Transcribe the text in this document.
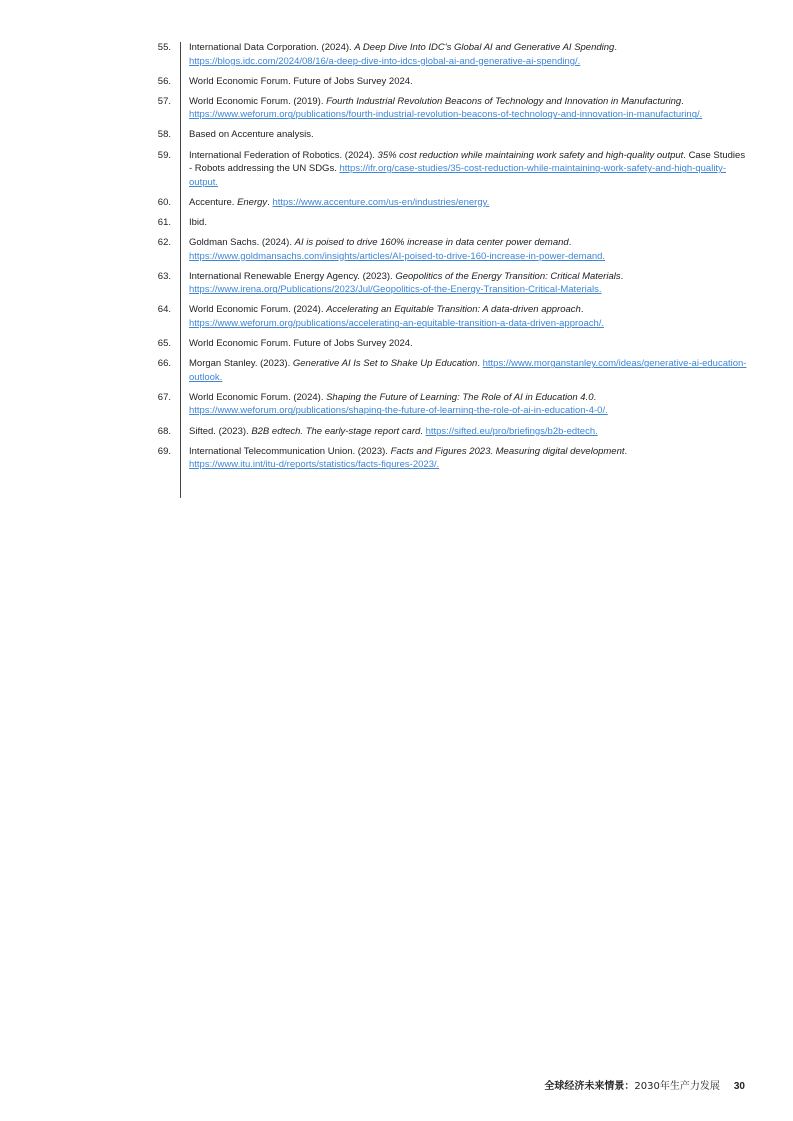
55. International Data Corporation. (2024). A Deep Dive Into IDC's Global AI and Generative AI Spending.
https://blogs.idc.com/2024/08/16/a-deep-dive-into-idcs-global-ai-and-generative-ai-spending/.
56. World Economic Forum. Future of Jobs Survey 2024.
57. World Economic Forum. (2019). Fourth Industrial Revolution Beacons of Technology and Innovation in Manufacturing.
https://www.weforum.org/publications/fourth-industrial-revolution-beacons-of-technology-and-innovation-in-manufacturing/.
58. Based on Accenture analysis.
59. International Federation of Robotics. (2024). 35% cost reduction while maintaining work safety and high-quality output. Case Studies - Robots addressing the UN SDGs. https://ifr.org/case-studies/35-cost-reduction-while-maintaining-work-safety-and-high-quality-output.
60. Accenture. Energy. https://www.accenture.com/us-en/industries/energy.
61. Ibid.
62. Goldman Sachs. (2024). AI is poised to drive 160% increase in data center power demand.
https://www.goldmansachs.com/insights/articles/AI-poised-to-drive-160-increase-in-power-demand.
63. International Renewable Energy Agency. (2023). Geopolitics of the Energy Transition: Critical Materials.
https://www.irena.org/Publications/2023/Jul/Geopolitics-of-the-Energy-Transition-Critical-Materials.
64. World Economic Forum. (2024). Accelerating an Equitable Transition: A data-driven approach. https://www.weforum.org/publications/accelerating-an-equitable-transition-a-data-driven-approach/.
65. World Economic Forum. Future of Jobs Survey 2024.
66. Morgan Stanley. (2023). Generative AI Is Set to Shake Up Education. https://www.morganstanley.com/ideas/generative-ai-education-outlook.
67. World Economic Forum. (2024). Shaping the Future of Learning: The Role of AI in Education 4.0.
https://www.weforum.org/publications/shaping-the-future-of-learning-the-role-of-ai-in-education-4-0/.
68. Sifted. (2023). B2B edtech. The early-stage report card. https://sifted.eu/pro/briefings/b2b-edtech.
69. International Telecommunication Union. (2023). Facts and Figures 2023. Measuring digital development.
https://www.itu.int/itu-d/reports/statistics/facts-figures-2023/.
全球经济未来情景：2030年生产力发展 30
